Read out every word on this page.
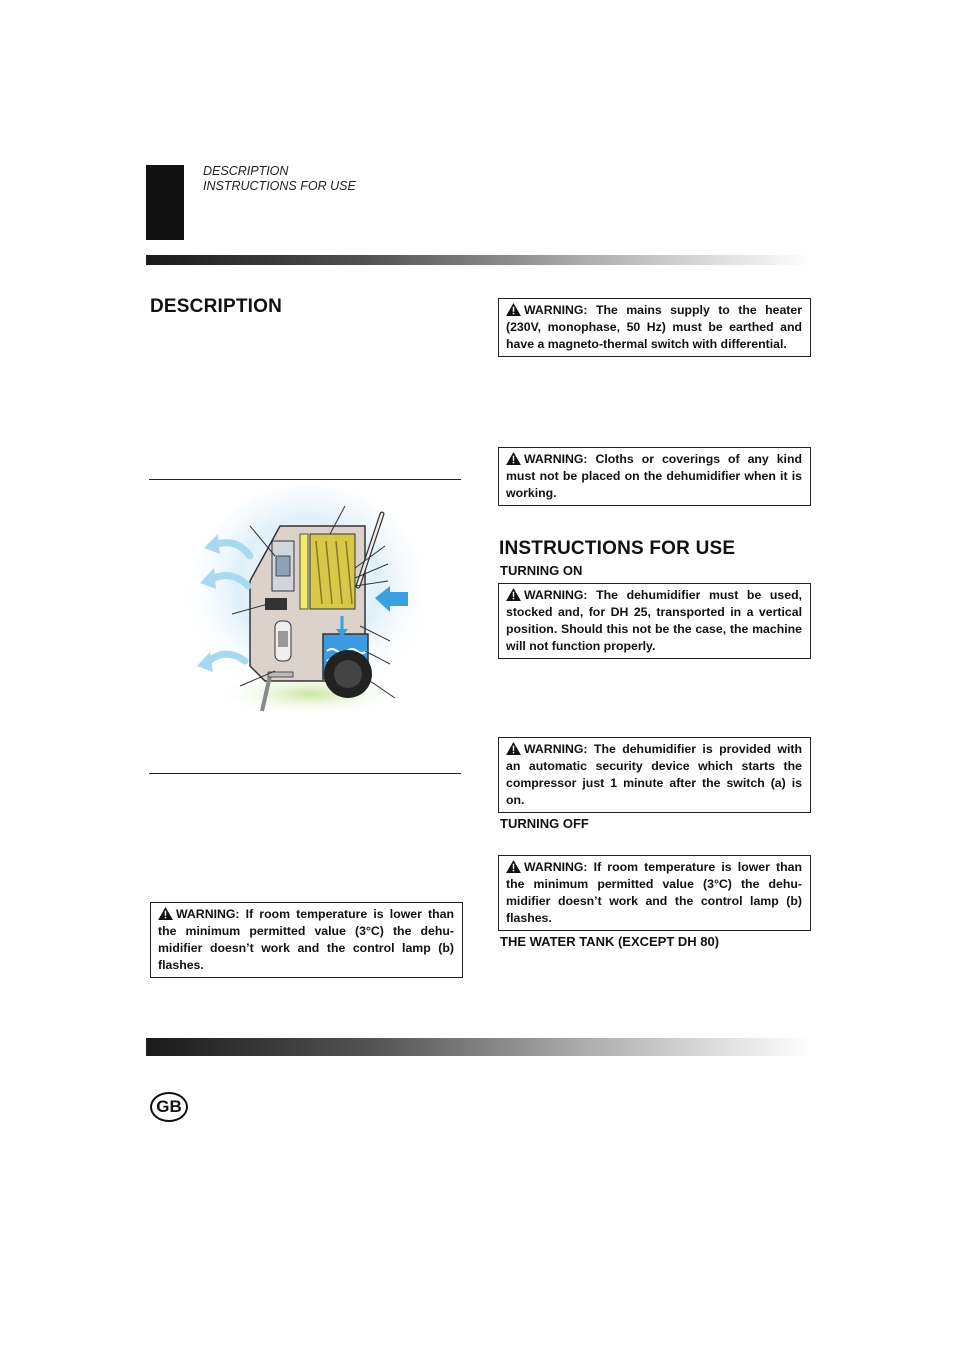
DESCRIPTION
INSTRUCTIONS FOR USE
DESCRIPTION
WARNING: If room temperature is lower than the minimum permitted value (3°C) the dehu-midifier doesn’t work and the control lamp (b) flashes.
WARNING: The mains supply to the heater (230V, monophase, 50 Hz) must be earthed and have a magneto-thermal switch with differential.
WARNING: Cloths or coverings of any kind must not be placed on the dehumidifier when it is working.
INSTRUCTIONS FOR USE
TURNING ON
WARNING: The dehumidifier must be used, stocked and, for DH 25, transported in a vertical position. Should this not be the case, the machine will not function properly.
WARNING: The dehumidifier is provided with an automatic security device which starts the compressor just 1 minute after the switch (a) is on.
TURNING OFF
WARNING: If room temperature is lower than the minimum permitted value (3°C) the dehu-midifier doesn’t work and the control lamp (b) flashes.
THE WATER TANK (EXCEPT DH 80)
GB
